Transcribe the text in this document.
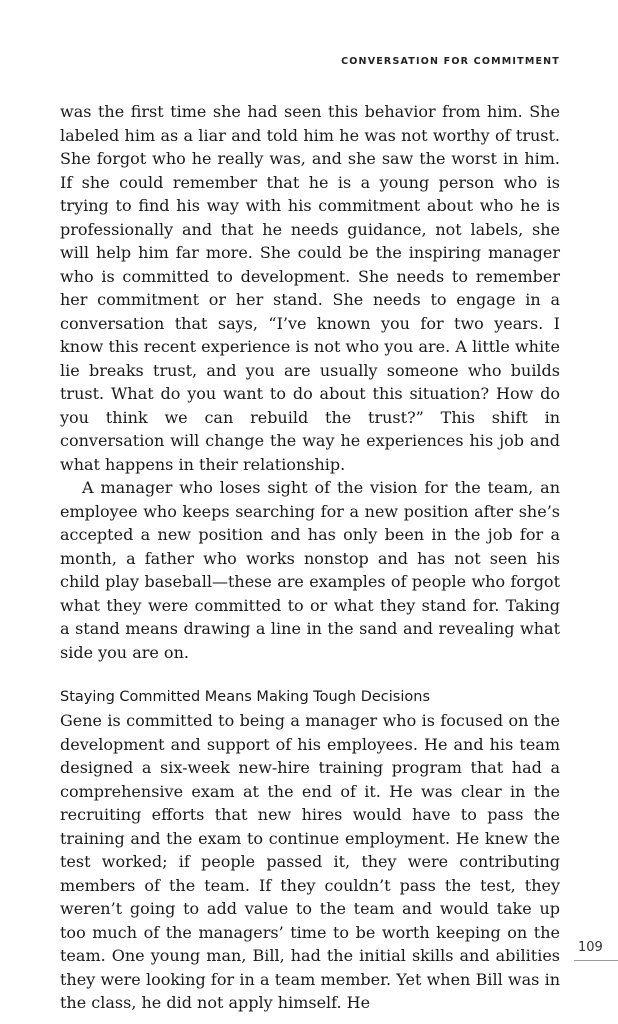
CONVERSATION FOR COMMITMENT

was the first time she had seen this behavior from him. She labeled him as a liar and told him he was not worthy of trust. She forgot who he really was, and she saw the worst in him. If she could remember that he is a young person who is trying to find his way with his commitment about who he is professionally and that he needs guidance, not labels, she will help him far more. She could be the inspiring manager who is committed to development. She needs to remember her commitment or her stand. She needs to engage in a conversation that says, “I’ve known you for two years. I know this recent experience is not who you are. A little white lie breaks trust, and you are usually someone who builds trust. What do you want to do about this situation? How do you think we can rebuild the trust?” This shift in conversation will change the way he experiences his job and what happens in their relationship.

A manager who loses sight of the vision for the team, an employee who keeps searching for a new position after she’s accepted a new position and has only been in the job for a month, a father who works nonstop and has not seen his child play baseball—these are examples of people who forgot what they were committed to or what they stand for. Taking a stand means drawing a line in the sand and revealing what side you are on.

Staying Committed Means Making Tough Decisions

Gene is committed to being a manager who is focused on the development and support of his employees. He and his team designed a six-week new-hire training program that had a comprehensive exam at the end of it. He was clear in the recruiting efforts that new hires would have to pass the training and the exam to continue employment. He knew the test worked; if people passed it, they were contributing members of the team. If they couldn’t pass the test, they weren’t going to add value to the team and would take up too much of the managers’ time to be worth keeping on the team. One young man, Bill, had the initial skills and abilities they were looking for in a team member. Yet when Bill was in the class, he did not apply himself. He

109
